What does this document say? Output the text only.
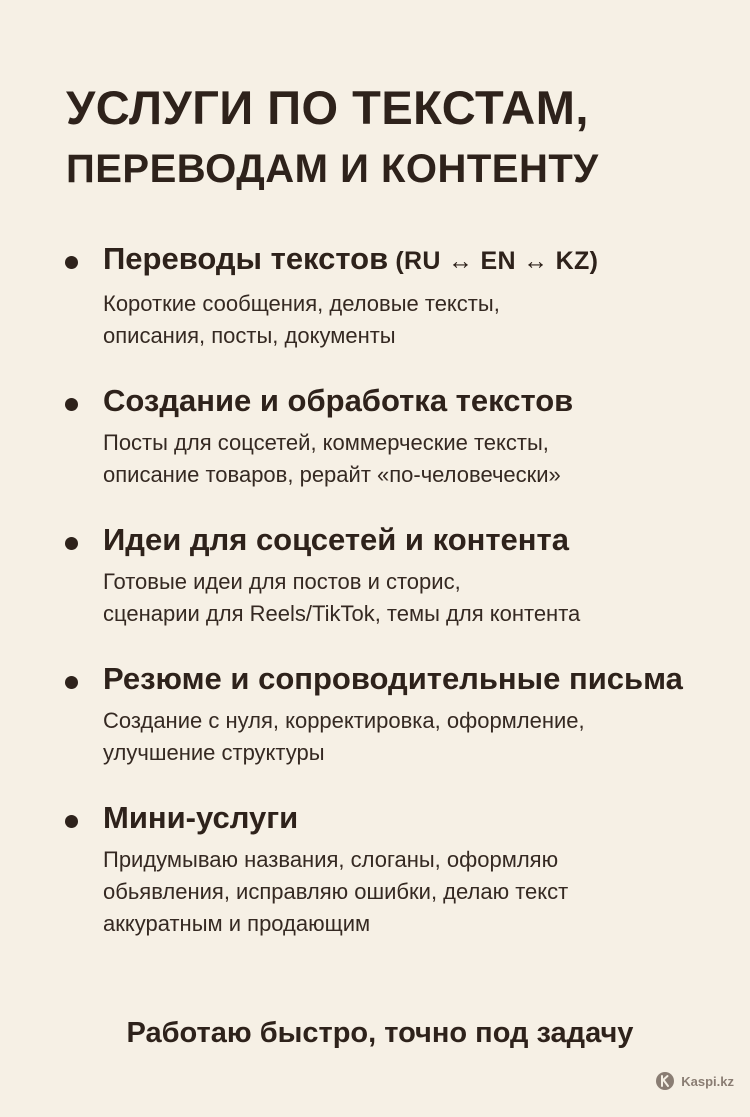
УСЛУГИ ПО ТЕКСТАМ,
ПЕРЕВОДАМ И КОНТЕНТУ
Переводы текстов (RU ↔ EN ↔ KZ)
Короткие сообщения, деловые тексты,
описания, посты, документы
Создание и обработка текстов
Посты для соцсетей, коммерческие тексты,
описание товаров, рерайт «по-человечески»
Идеи для соцсетей и контента
Готовые идеи для постов и сторис,
сценарии для Reels/TikTok, темы для контента
Резюме и сопроводительные письма
Создание с нуля, корректировка, оформление,
улучшение структуры
Мини-услуги
Придумываю названия, слоганы, оформляю
обьявления, исправляю ошибки, делаю текст
аккуратным и продающим
Работаю быстро, точно под задачу
Kaspi.kz
